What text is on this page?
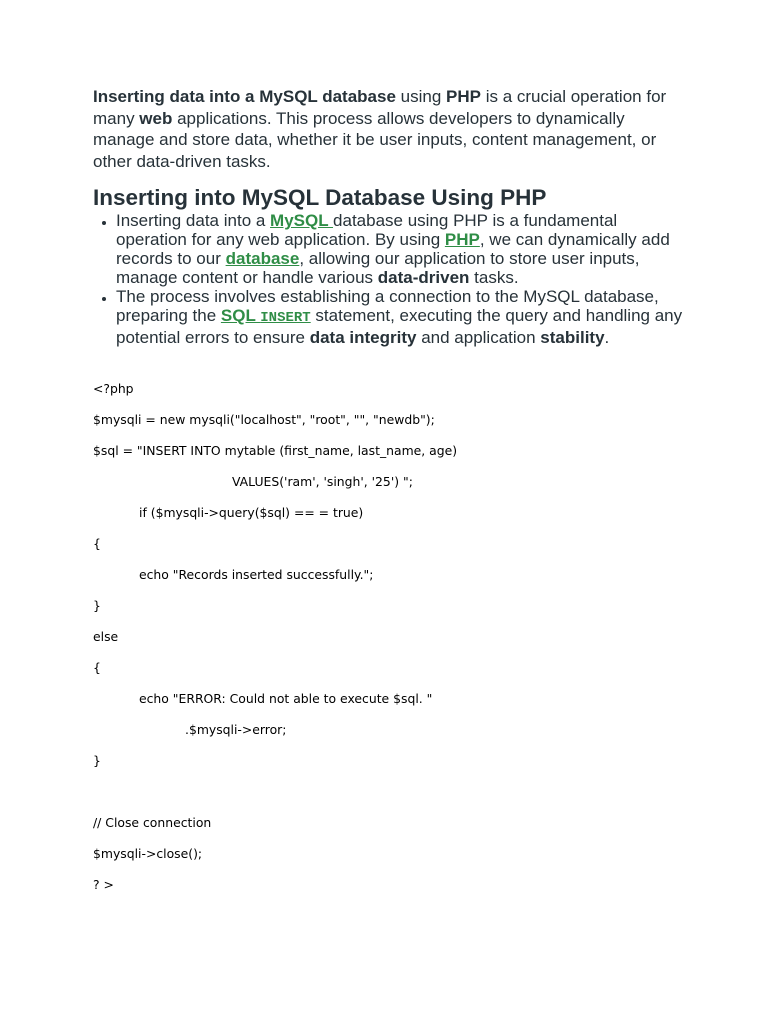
Inserting data into a MySQL database using PHP is a crucial operation for many web applications. This process allows developers to dynamically manage and store data, whether it be user inputs, content management, or other data-driven tasks.

Inserting into MySQL Database Using PHP
• Inserting data into a MySQL database using PHP is a fundamental operation for any web application. By using PHP, we can dynamically add records to our database, allowing our application to store user inputs, manage content or handle various data-driven tasks.
• The process involves establishing a connection to the MySQL database, preparing the SQL INSERT statement, executing the query and handling any potential errors to ensure data integrity and application stability.
<?php
$mysqli = new mysqli("localhost", "root", "", "newdb");
$sql = "INSERT INTO mytable (first_name, last_name, age)
VALUES('ram', 'singh', '25') ";
if ($mysqli->query($sql) == = true)
{
echo "Records inserted successfully.";
}
else
{
echo "ERROR: Could not able to execute $sql. "
.$mysqli->error;
}
// Close connection
$mysqli->close();
? >
